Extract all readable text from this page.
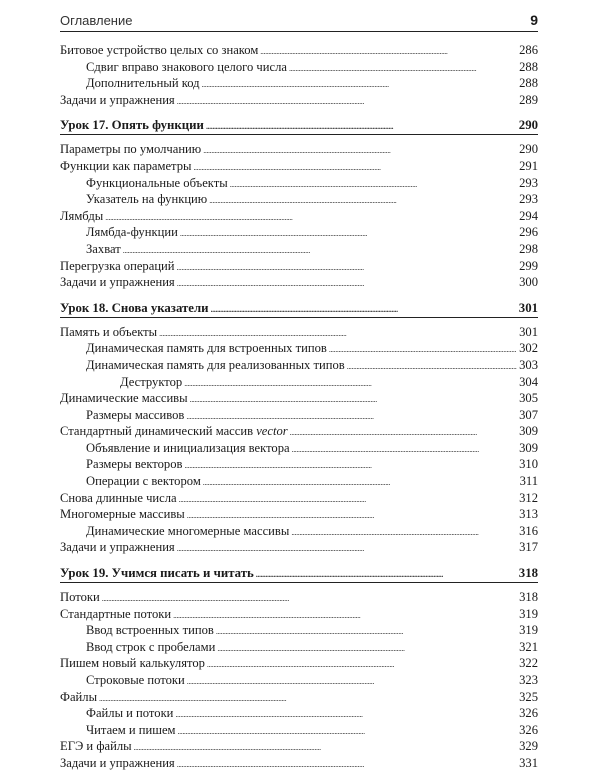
Оглавление	9
Битовое устройство целых со знаком . . .	286
Сдвиг вправо знакового целого числа . . .	288
Дополнительный код . . .	288
Задачи и упражнения . . .	289
Урок 17. Опять функции . . .	290
Параметры по умолчанию . . .	290
Функции как параметры . . .	291
Функциональные объекты . . .	293
Указатель на функцию . . .	293
Лямбды . . .	294
Лямбда-функции . . .	296
Захват . . .	298
Перегрузка операций . . .	299
Задачи и упражнения . . .	300
Урок 18. Снова указатели . . .	301
Память и объекты . . .	301
Динамическая память для встроенных типов . . .	302
Динамическая память для реализованных типов . . .	303
Деструктор . . .	304
Динамические массивы . . .	305
Размеры массивов . . .	307
Стандартный динамический массив vector . . .	309
Объявление и инициализация вектора . . .	309
Размеры векторов . . .	310
Операции с вектором . . .	311
Снова длинные числа . . .	312
Многомерные массивы . . .	313
Динамические многомерные массивы . . .	316
Задачи и упражнения . . .	317
Урок 19. Учимся писать и читать . . .	318
Потоки . . .	318
Стандартные потоки . . .	319
Ввод встроенных типов . . .	319
Ввод строк с пробелами . . .	321
Пишем новый калькулятор . . .	322
Строковые потоки . . .	323
Файлы . . .	325
Файлы и потоки . . .	326
Читаем и пишем . . .	326
ЕГЭ и файлы . . .	329
Задачи и упражнения . . .	331
